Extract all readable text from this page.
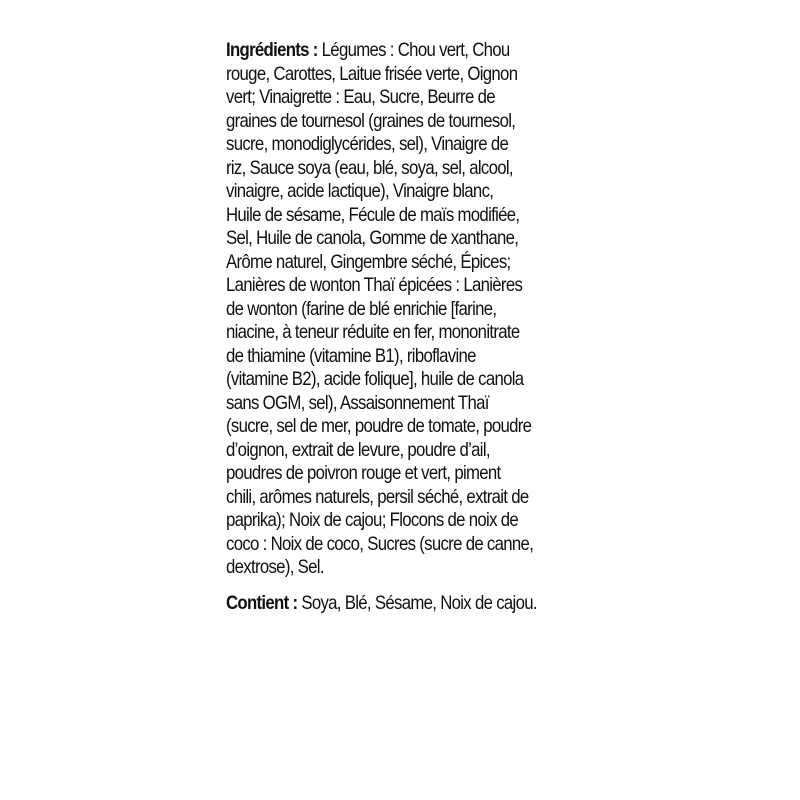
Ingrédients : Légumes : Chou vert, Chou
rouge, Carottes, Laitue frisée verte, Oignon
vert; Vinaigrette : Eau, Sucre, Beurre de
graines de tournesol (graines de tournesol,
sucre, monodiglycérides, sel), Vinaigre de
riz, Sauce soya (eau, blé, soya, sel, alcool,
vinaigre, acide lactique), Vinaigre blanc,
Huile de sésame, Fécule de maïs modifiée,
Sel, Huile de canola, Gomme de xanthane,
Arôme naturel, Gingembre séché, Épices;
Lanières de wonton Thaï épicées : Lanières
de wonton (farine de blé enrichie [farine,
niacine, à teneur réduite en fer, mononitrate
de thiamine (vitamine B1), riboflavine
(vitamine B2), acide folique], huile de canola
sans OGM, sel), Assaisonnement Thaï
(sucre, sel de mer, poudre de tomate, poudre
d’oignon, extrait de levure, poudre d’ail,
poudres de poivron rouge et vert, piment
chili, arômes naturels, persil séché, extrait de
paprika); Noix de cajou; Flocons de noix de
coco : Noix de coco, Sucres (sucre de canne,
dextrose), Sel.
Contient : Soya, Blé, Sésame, Noix de cajou.
